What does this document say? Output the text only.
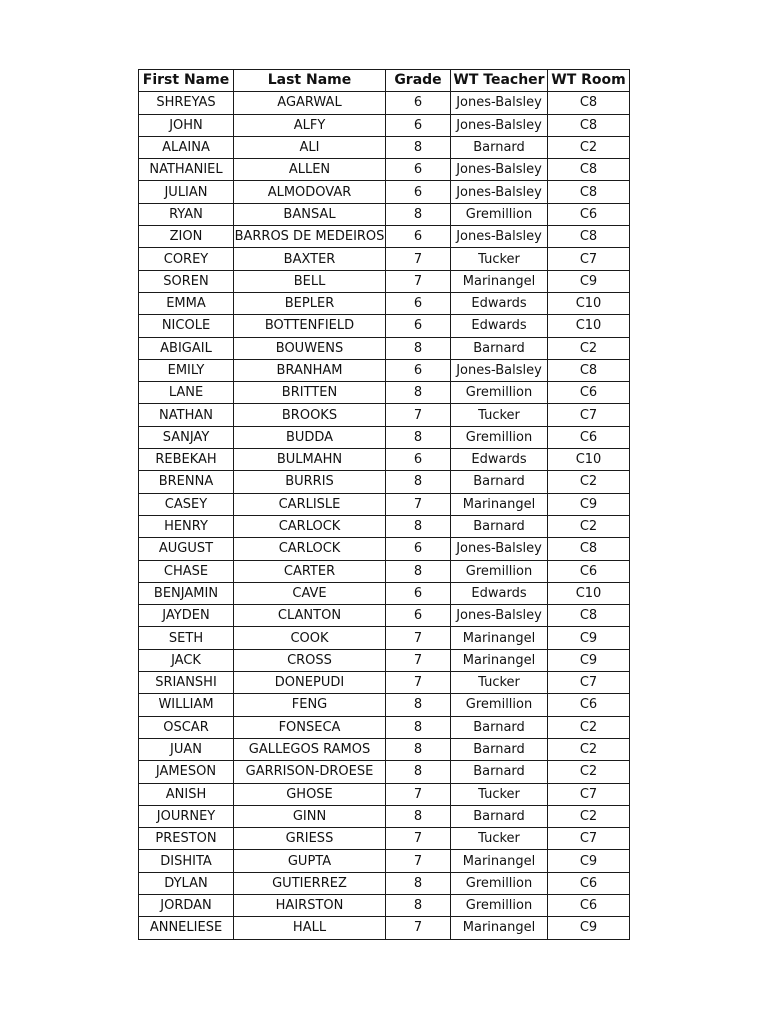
First Name	Last Name	Grade	WT Teacher	WT Room
SHREYAS	AGARWAL	6	Jones-Balsley	C8
JOHN	ALFY	6	Jones-Balsley	C8
ALAINA	ALI	8	Barnard	C2
NATHANIEL	ALLEN	6	Jones-Balsley	C8
JULIAN	ALMODOVAR	6	Jones-Balsley	C8
RYAN	BANSAL	8	Gremillion	C6
ZION	BARROS DE MEDEIROS	6	Jones-Balsley	C8
COREY	BAXTER	7	Tucker	C7
SOREN	BELL	7	Marinangel	C9
EMMA	BEPLER	6	Edwards	C10
NICOLE	BOTTENFIELD	6	Edwards	C10
ABIGAIL	BOUWENS	8	Barnard	C2
EMILY	BRANHAM	6	Jones-Balsley	C8
LANE	BRITTEN	8	Gremillion	C6
NATHAN	BROOKS	7	Tucker	C7
SANJAY	BUDDA	8	Gremillion	C6
REBEKAH	BULMAHN	6	Edwards	C10
BRENNA	BURRIS	8	Barnard	C2
CASEY	CARLISLE	7	Marinangel	C9
HENRY	CARLOCK	8	Barnard	C2
AUGUST	CARLOCK	6	Jones-Balsley	C8
CHASE	CARTER	8	Gremillion	C6
BENJAMIN	CAVE	6	Edwards	C10
JAYDEN	CLANTON	6	Jones-Balsley	C8
SETH	COOK	7	Marinangel	C9
JACK	CROSS	7	Marinangel	C9
SRIANSHI	DONEPUDI	7	Tucker	C7
WILLIAM	FENG	8	Gremillion	C6
OSCAR	FONSECA	8	Barnard	C2
JUAN	GALLEGOS RAMOS	8	Barnard	C2
JAMESON	GARRISON-DROESE	8	Barnard	C2
ANISH	GHOSE	7	Tucker	C7
JOURNEY	GINN	8	Barnard	C2
PRESTON	GRIESS	7	Tucker	C7
DISHITA	GUPTA	7	Marinangel	C9
DYLAN	GUTIERREZ	8	Gremillion	C6
JORDAN	HAIRSTON	8	Gremillion	C6
ANNELIESE	HALL	7	Marinangel	C9
